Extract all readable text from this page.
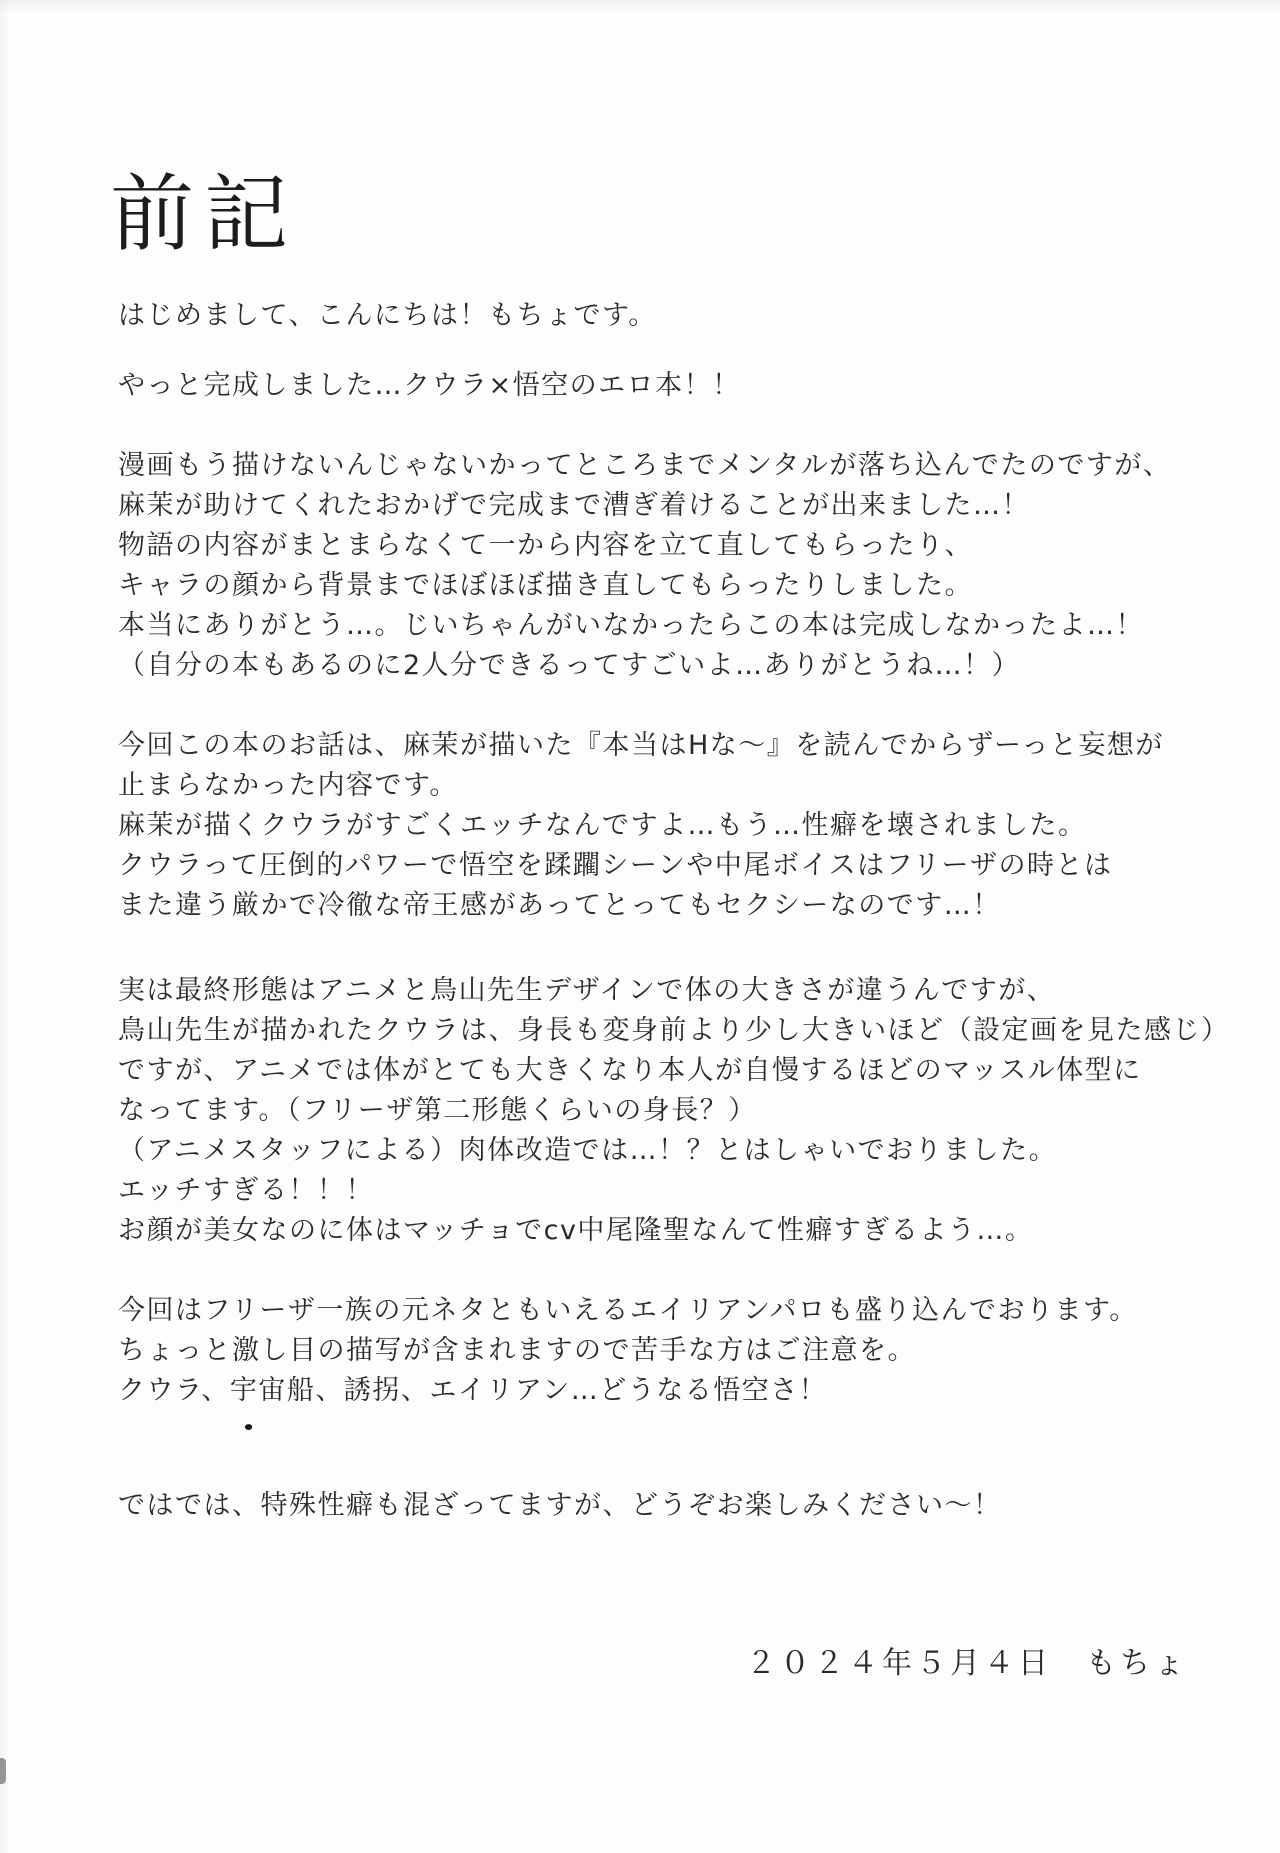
前記
はじめまして、こんにちは！もちょです。
やっと完成しました…クウラ×悟空のエロ本！！
漫画もう描けないんじゃないかってところまでメンタルが落ち込んでたのですが、
麻茉が助けてくれたおかげで完成まで漕ぎ着けることが出来ました…！
物語の内容がまとまらなくて一から内容を立て直してもらったり、
キャラの顔から背景までほぼほぼ描き直してもらったりしました。
本当にありがとう…。じいちゃんがいなかったらこの本は完成しなかったよ…！
（自分の本もあるのに2人分できるってすごいよ…ありがとうね…！）
今回この本のお話は、麻茉が描いた『本当はHな〜』を読んでからずーっと妄想が
止まらなかった内容です。
麻茉が描くクウラがすごくエッチなんですよ…もう…性癖を壊されました。
クウラって圧倒的パワーで悟空を蹂躙シーンや中尾ボイスはフリーザの時とは
また違う厳かで冷徹な帝王感があってとってもセクシーなのです…！
実は最終形態はアニメと鳥山先生デザインで体の大きさが違うんですが、
鳥山先生が描かれたクウラは、身長も変身前より少し大きいほど（設定画を見た感じ）
ですが、アニメでは体がとても大きくなり本人が自慢するほどのマッスル体型に
なってます。（フリーザ第二形態くらいの身長？）
（アニメスタッフによる）肉体改造では…！？とはしゃいでおりました。
エッチすぎる！！！
お顔が美女なのに体はマッチョでcv中尾隆聖なんて性癖すぎるよう…。
今回はフリーザ一族の元ネタともいえるエイリアンパロも盛り込んでおります。
ちょっと激し目の描写が含まれますので苦手な方はご注意を。
クウラ、宇宙船、誘拐、エイリアン…どうなる悟空さ！
ではでは、特殊性癖も混ざってますが、どうぞお楽しみください〜！
２０２４年５月４日　もちょ
